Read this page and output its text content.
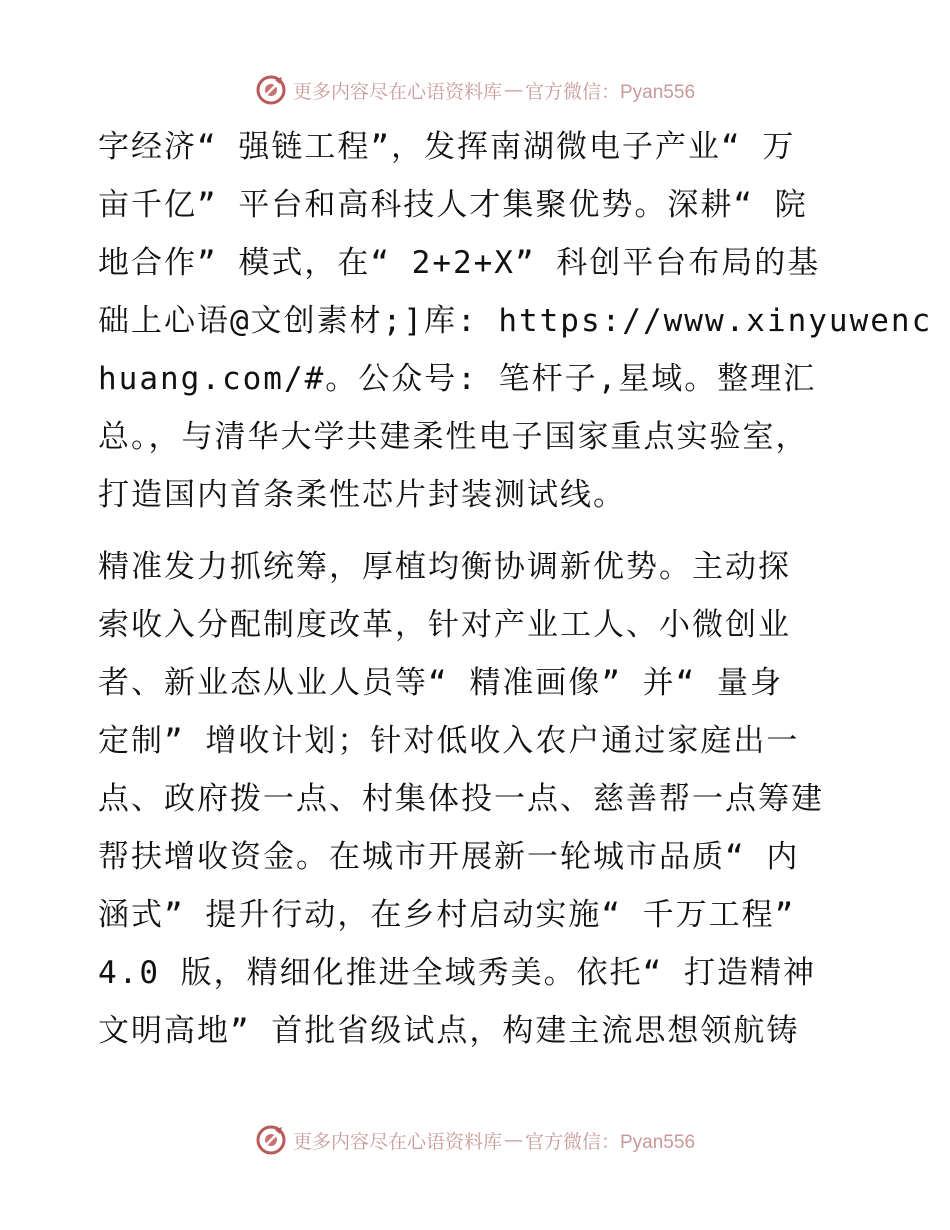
更多内容尽在心语资料库 — 官方微信：Pyan556

字经济“ 强链工程”，发挥南湖微电子产业“ 万
亩千亿” 平台和高科技人才集聚优势。深耕“ 院
地合作” 模式，在“ 2+2+X” 科创平台布局的基
础上心语@文创素材;]库: https://www.xinyuwenc
huang.com/#。公众号: 笔杆子,星域。整理汇
总。，与清华大学共建柔性电子国家重点实验室，
打造国内首条柔性芯片封装测试线。

精准发力抓统筹，厚植均衡协调新优势。主动探
索收入分配制度改革，针对产业工人、小微创业
者、新业态从业人员等“ 精准画像” 并“ 量身
定制” 增收计划；针对低收入农户通过家庭出一
点、政府拨一点、村集体投一点、慈善帮一点筹建
帮扶增收资金。在城市开展新一轮城市品质“ 内
涵式” 提升行动，在乡村启动实施“ 千万工程”
4.0 版，精细化推进全域秀美。依托“ 打造精神
文明高地” 首批省级试点，构建主流思想领航铸

更多内容尽在心语资料库 — 官方微信：Pyan556
